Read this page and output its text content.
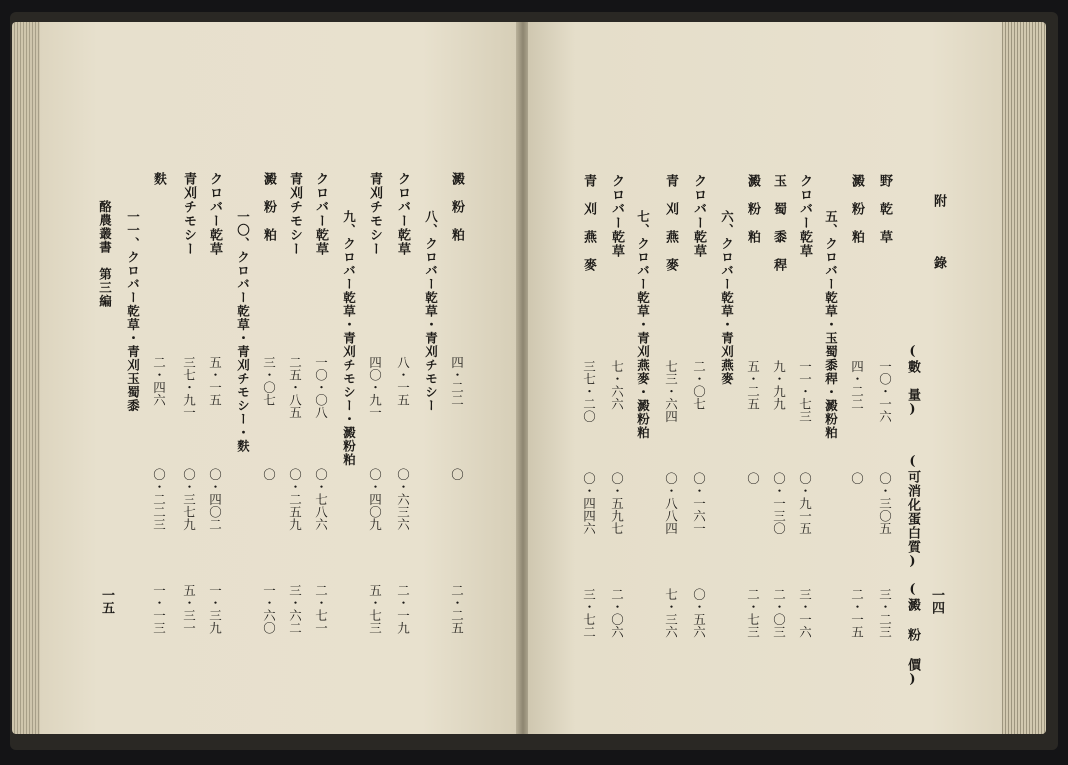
澱　粉　粕
四・二二
〇
二・二五
八、クロバー乾草・青刈チモシー
クロバー乾草
八・一五
〇・六三六
二・一九
青刈チモシー
四〇・九一
〇・四〇九
五・七三
九、クロバー乾草・青刈チモシー・澱粉粕
クロバー乾草
一〇・〇八
〇・七八六
二・七一
青刈チモシー
二五・八五
〇・二五九
三・六二
澱　粉　粕
三・〇七
〇
一・六〇
一〇、クロバー乾草・青刈チモシー・麩
クロバー乾草
五・一五
〇・四〇二
一・三九
青刈チモシー
三七・九一
〇・三七九
五・三一
麩
二・四六
〇・二二三
一・一三
一一、クロバー乾草・青刈玉蜀黍
一五
酪農叢書　第三編	附
錄
(數　量)
(可消化蛋白質)
(澱 粉 價) 一四
野　乾　草
一〇・一六
〇・三〇五
三・二三
澱　粉　粕
四・二二
〇
二・一五
五、クロバー乾草・玉蜀黍稈・澱粉粕
クロバー乾草
一一・七三
〇・九一五
三・一六
玉　蜀　黍　稈
九・九九
〇・一三〇
二・〇三
澱　粉　粕
五・二五
〇
二・七三
六、クロバー乾草・青刈燕麥
クロバー乾草
二・〇七
〇・一六一
〇・五六
青　刈　燕　麥
七三・六四
〇・八八四
七・三六
七、クロバー乾草・青刈燕麥・澱粉粕
クロバー乾草
七・六六
〇・五九七
二・〇六
青　刈　燕　麥
三七・二〇
〇・四四六
三・七二
